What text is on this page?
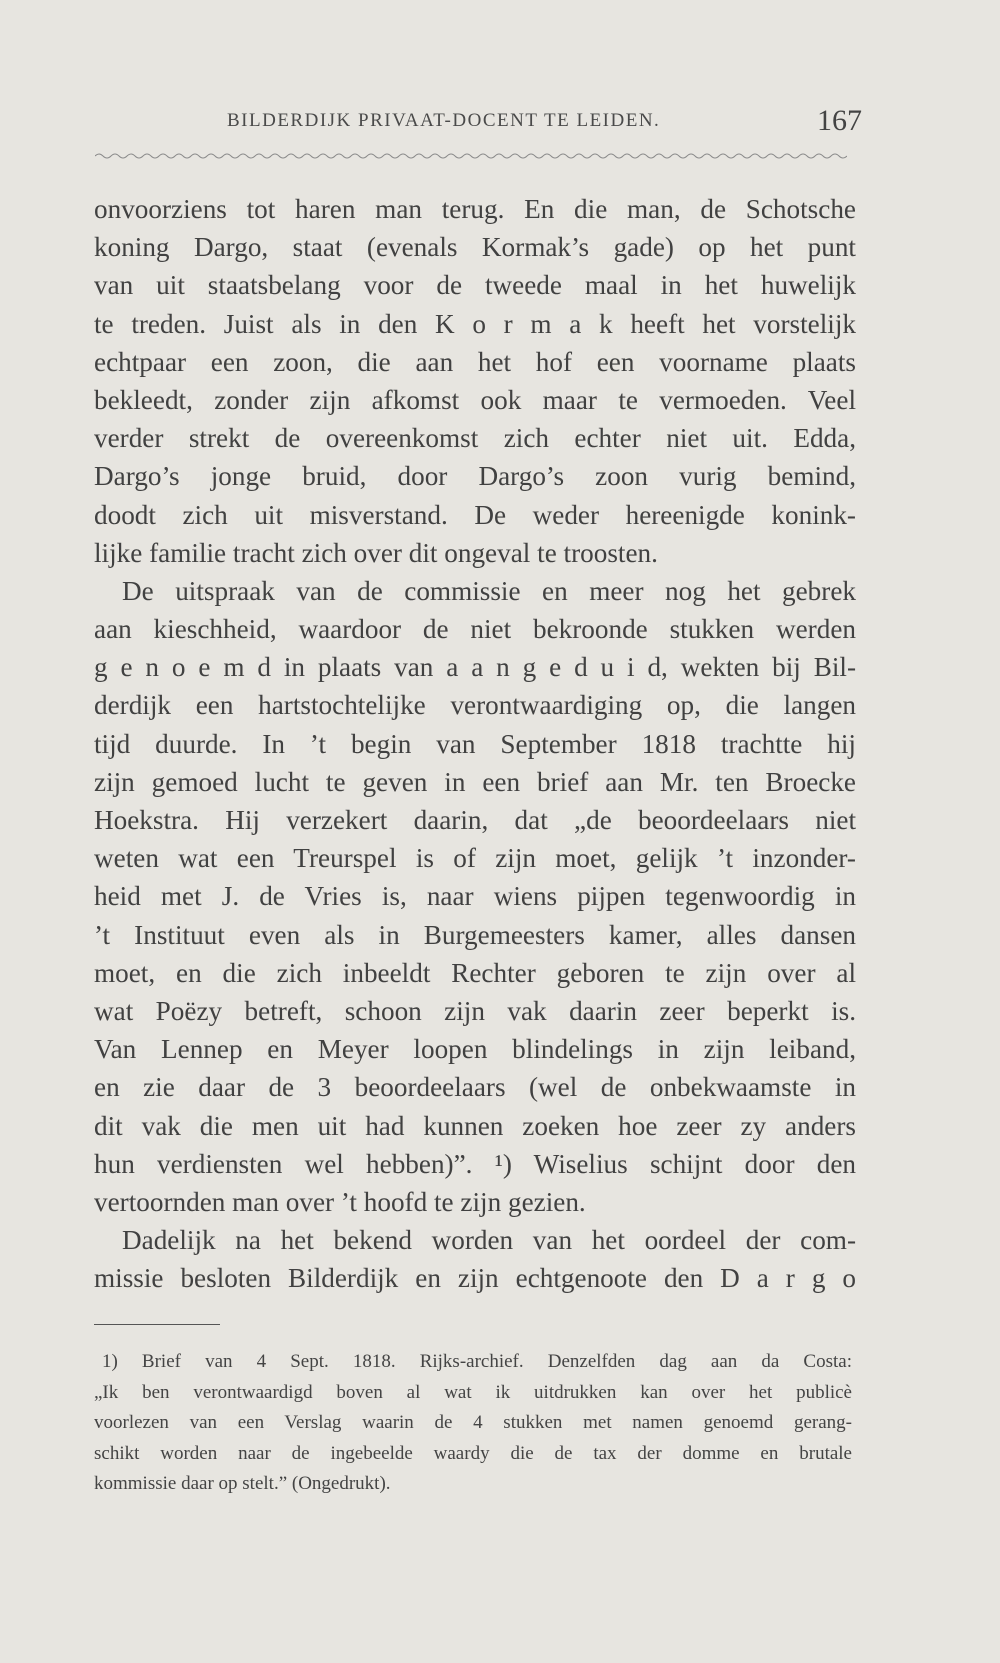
BILDERDIJK PRIVAAT-DOCENT TE LEIDEN.	167
onvoorziens tot haren man terug. En die man, de Schotsche
koning Dargo, staat (evenals Kormak’s gade) op het punt
van uit staatsbelang voor de tweede maal in het huwelijk
te treden. Juist als in den K o r m a k heeft het vorstelijk
echtpaar een zoon, die aan het hof een voorname plaats
bekleedt, zonder zijn afkomst ook maar te vermoeden. Veel
verder strekt de overeenkomst zich echter niet uit. Edda,
Dargo’s jonge bruid, door Dargo’s zoon vurig bemind,
doodt zich uit misverstand. De weder hereenigde konink-
lijke familie tracht zich over dit ongeval te troosten.
De uitspraak van de commissie en meer nog het gebrek
aan kieschheid, waardoor de niet bekroonde stukken werden
g e n o e m d in plaats van a a n g e d u i d, wekten bij Bil-
derdijk een hartstochtelijke verontwaardiging op, die langen
tijd duurde. In ’t begin van September 1818 trachtte hij
zijn gemoed lucht te geven in een brief aan Mr. ten Broecke
Hoekstra. Hij verzekert daarin, dat „de beoordeelaars niet
weten wat een Treurspel is of zijn moet, gelijk ’t inzonder-
heid met J. de Vries is, naar wiens pijpen tegenwoordig in
’t Instituut even als in Burgemeesters kamer, alles dansen
moet, en die zich inbeeldt Rechter geboren te zijn over al
wat Poëzy betreft, schoon zijn vak daarin zeer beperkt is.
Van Lennep en Meyer loopen blindelings in zijn leiband,
en zie daar de 3 beoordeelaars (wel de onbekwaamste in
dit vak die men uit had kunnen zoeken hoe zeer zy anders
hun verdiensten wel hebben)”. ¹) Wiselius schijnt door den
vertoornden man over ’t hoofd te zijn gezien.
Dadelijk na het bekend worden van het oordeel der com-
missie besloten Bilderdijk en zijn echtgenoote den D a r g o
1) Brief van 4 Sept. 1818. Rijks-archief. Denzelfden dag aan da Costa:
„Ik ben verontwaardigd boven al wat ik uitdrukken kan over het publicè
voorlezen van een Verslag waarin de 4 stukken met namen genoemd gerang-
schikt worden naar de ingebeelde waardy die de tax der domme en brutale
kommissie daar op stelt.” (Ongedrukt).
